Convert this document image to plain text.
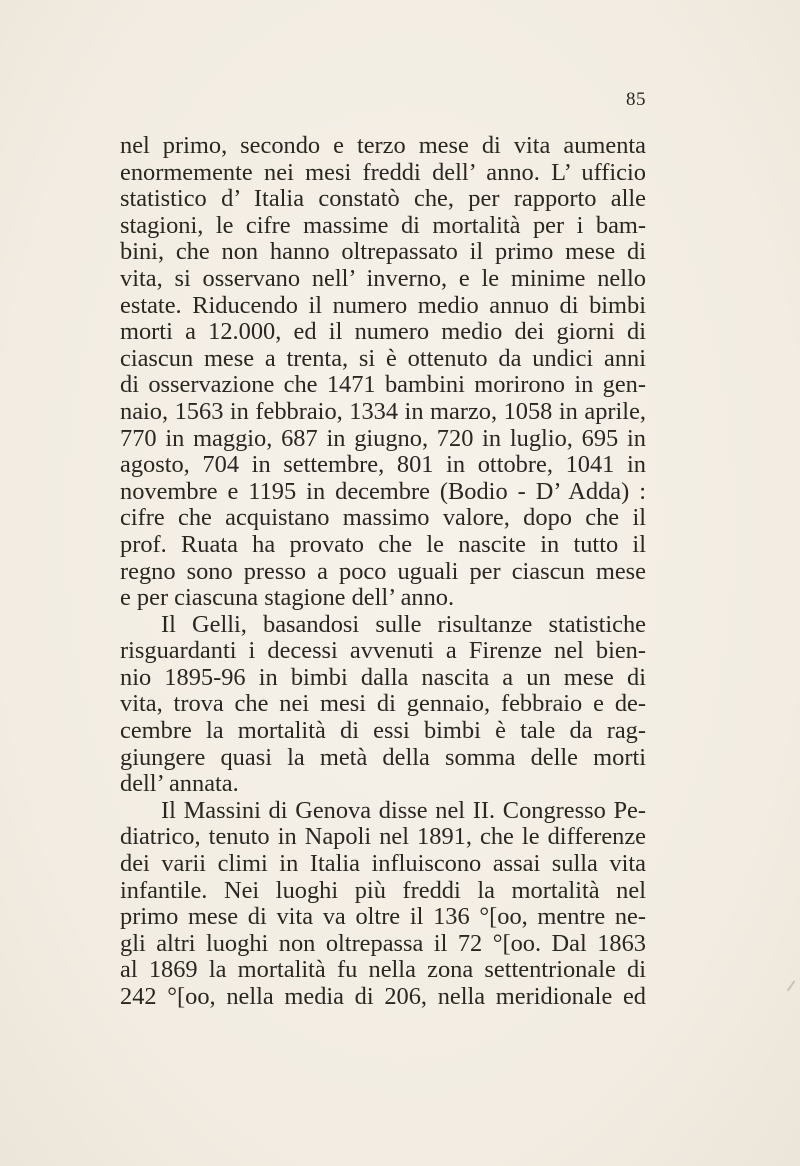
85
nel primo, secondo e terzo mese di vita aumenta
enormemente nei mesi freddi dell’ anno. L’ ufficio
statistico d’ Italia constatò che, per rapporto alle
stagioni, le cifre massime di mortalità per i bam-
bini, che non hanno oltrepassato il primo mese di
vita, si osservano nell’ inverno, e le minime nello
estate. Riducendo il numero medio annuo di bimbi
morti a 12.000, ed il numero medio dei giorni di
ciascun mese a trenta, si è ottenuto da undici anni
di osservazione che 1471 bambini morirono in gen-
naio, 1563 in febbraio, 1334 in marzo, 1058 in aprile,
770 in maggio, 687 in giugno, 720 in luglio, 695 in
agosto, 704 in settembre, 801 in ottobre, 1041 in
novembre e 1195 in decembre (Bodio - D’ Adda) :
cifre che acquistano massimo valore, dopo che il
prof. Ruata ha provato che le nascite in tutto il
regno sono presso a poco uguali per ciascun mese
e per ciascuna stagione dell’ anno.
Il Gelli, basandosi sulle risultanze statistiche
risguardanti i decessi avvenuti a Firenze nel bien-
nio 1895-96 in bimbi dalla nascita a un mese di
vita, trova che nei mesi di gennaio, febbraio e de-
cembre la mortalità di essi bimbi è tale da rag-
giungere quasi la metà della somma delle morti
dell’ annata.
Il Massini di Genova disse nel II. Congresso Pe-
diatrico, tenuto in Napoli nel 1891, che le differenze
dei varii climi in Italia influiscono assai sulla vita
infantile. Nei luoghi più freddi la mortalità nel
primo mese di vita va oltre il 136 °[oo, mentre ne-
gli altri luoghi non oltrepassa il 72 °[oo. Dal 1863
al 1869 la mortalità fu nella zona settentrionale di
242 °[oo, nella media di 206, nella meridionale ed
